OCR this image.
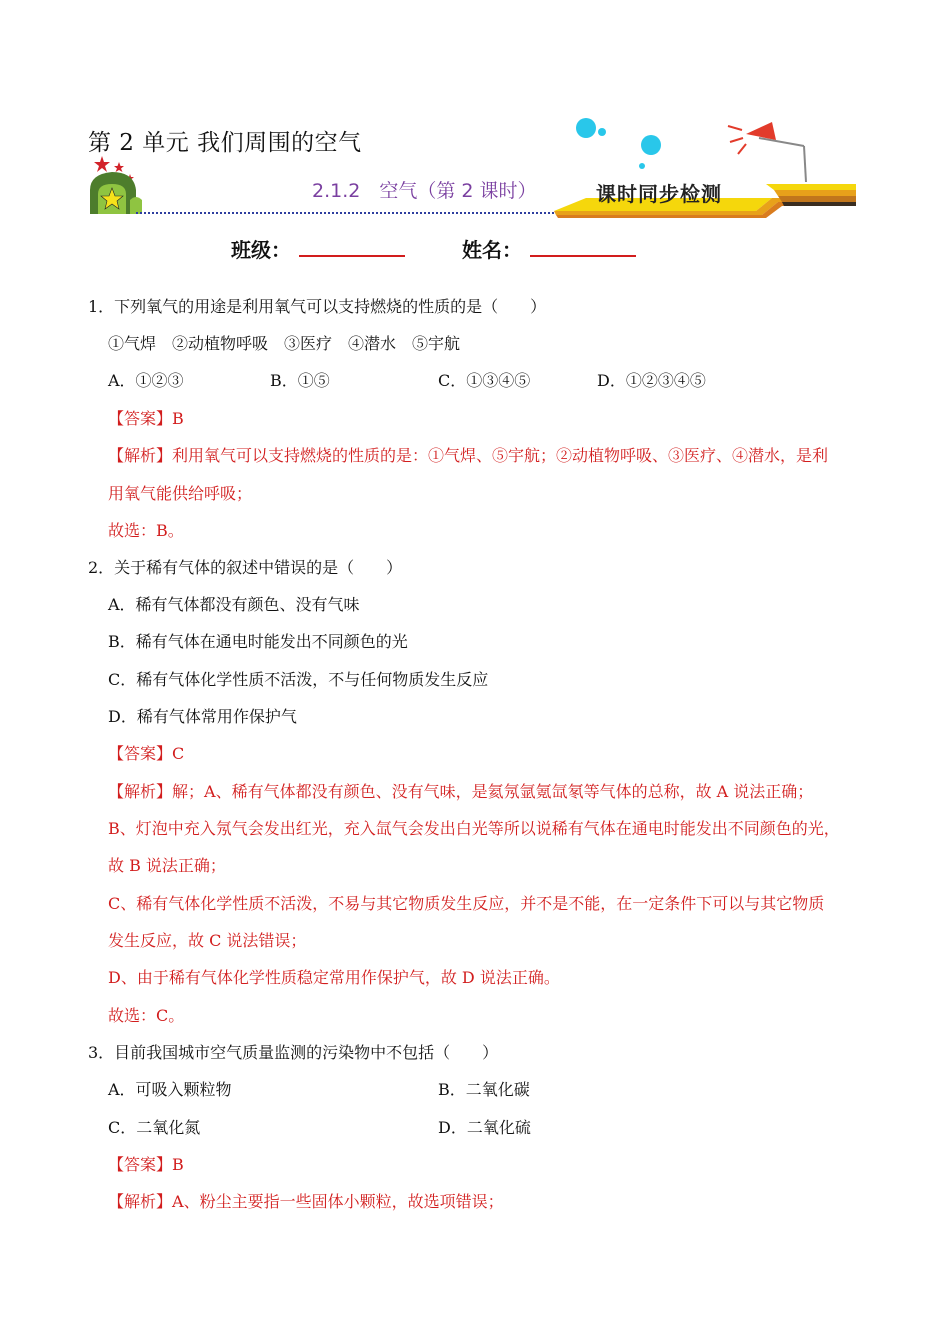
第 2 单元 我们周围的空气
2.1.2　空气（第 2 课时）	课时同步检测
班级：	姓名：
1．下列氧气的用途是利用氧气可以支持燃烧的性质的是（　　）
①气焊　②动植物呼吸　③医疗　④潜水　⑤宇航
A．①②③	B．①⑤	C．①③④⑤	D．①②③④⑤
【答案】B
【解析】利用氧气可以支持燃烧的性质的是：①气焊、⑤宇航；②动植物呼吸、③医疗、④潜水，是利
用氧气能供给呼吸；
故选：B。
2．关于稀有气体的叙述中错误的是（　　）
A．稀有气体都没有颜色、没有气味
B．稀有气体在通电时能发出不同颜色的光
C．稀有气体化学性质不活泼，不与任何物质发生反应
D．稀有气体常用作保护气
【答案】C
【解析】解；A、稀有气体都没有颜色、没有气味，是氦氖氩氪氙氡等气体的总称，故 A 说法正确；
B、灯泡中充入氖气会发出红光，充入氙气会发出白光等所以说稀有气体在通电时能发出不同颜色的光，
故 B 说法正确；
C、稀有气体化学性质不活泼，不易与其它物质发生反应，并不是不能，在一定条件下可以与其它物质
发生反应，故 C 说法错误；
D、由于稀有气体化学性质稳定常用作保护气，故 D 说法正确。
故选：C。
3．目前我国城市空气质量监测的污染物中不包括（　　）
A．可吸入颗粒物	B．二氧化碳
C．二氧化氮	D．二氧化硫
【答案】B
【解析】A、粉尘主要指一些固体小颗粒，故选项错误；
